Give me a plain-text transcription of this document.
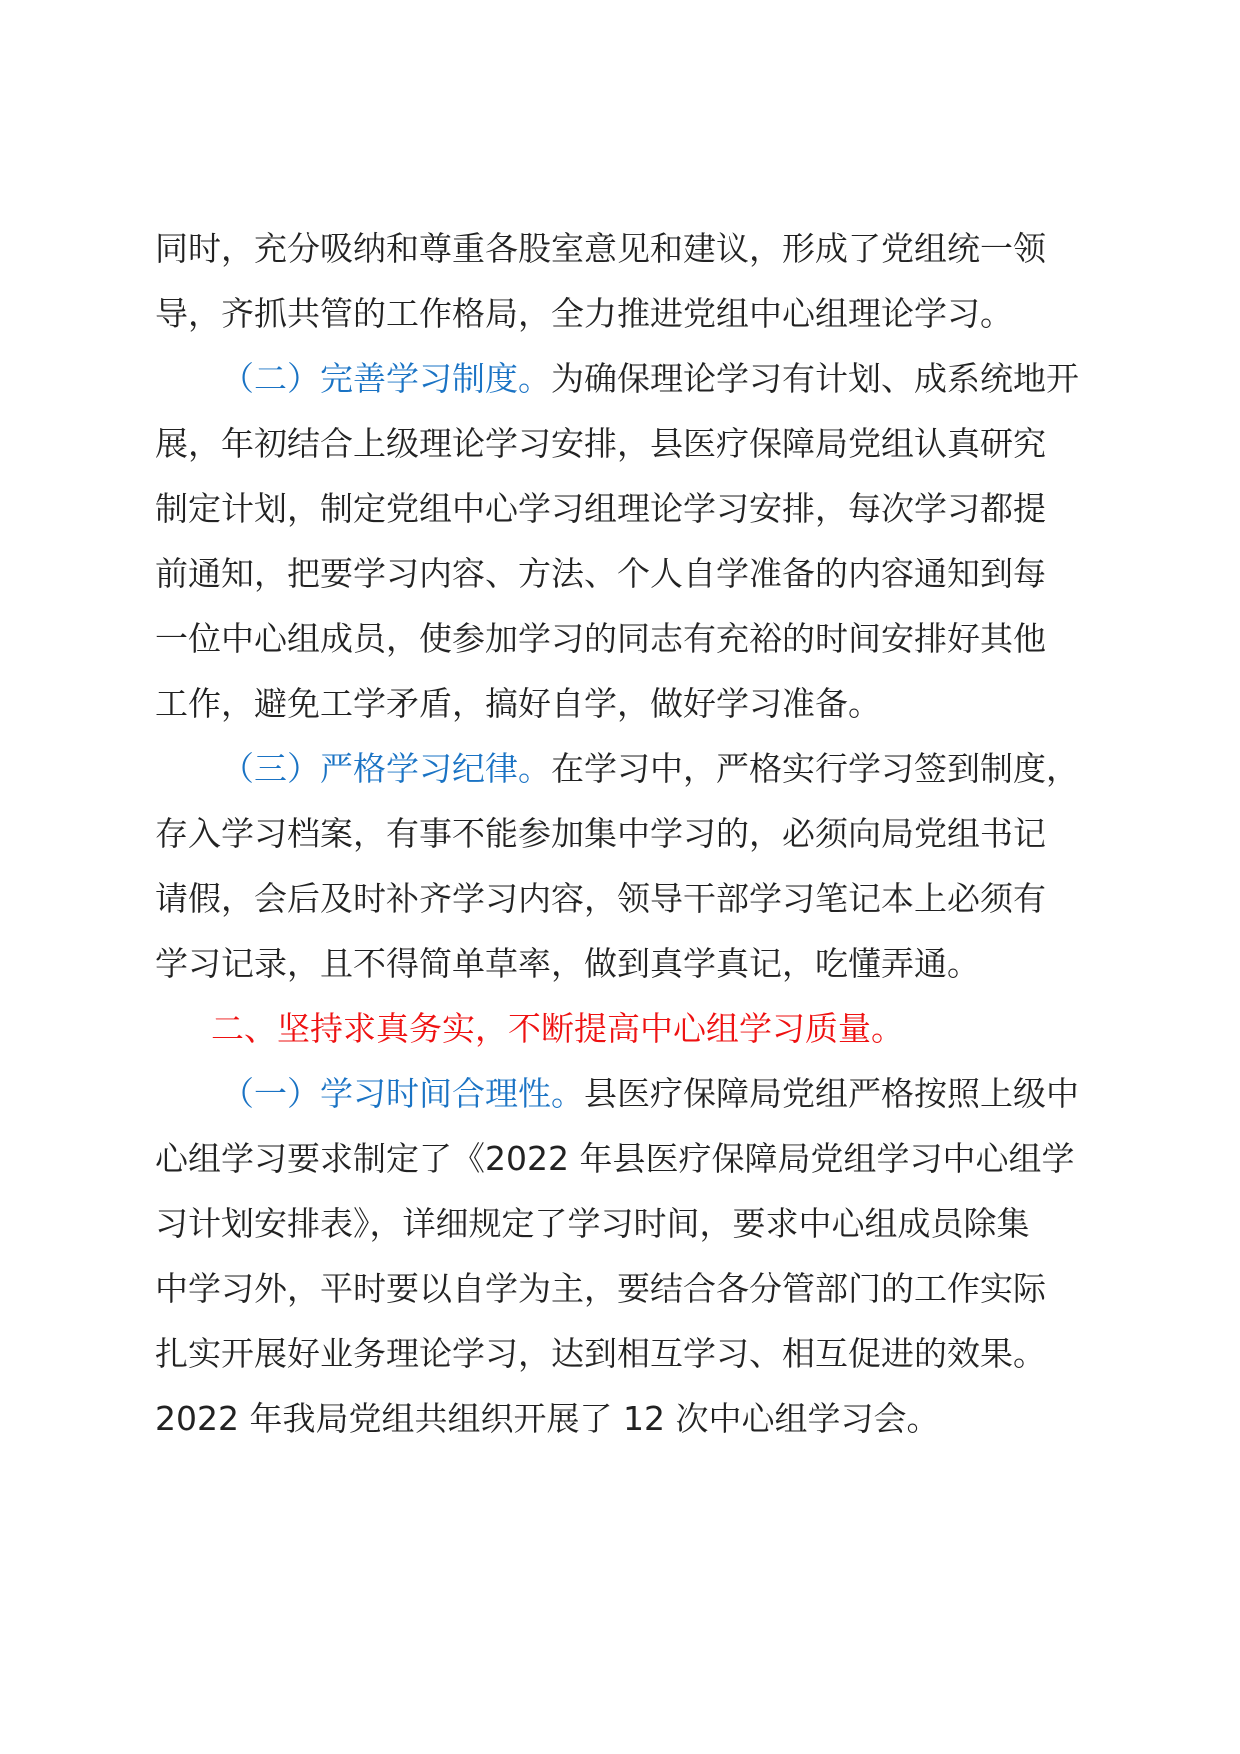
同时，充分吸纳和尊重各股室意见和建议，形成了党组统一领
导，齐抓共管的工作格局，全力推进党组中心组理论学习。

（二）完善学习制度。为确保理论学习有计划、成系统地开
展，年初结合上级理论学习安排，县医疗保障局党组认真研究
制定计划，制定党组中心学习组理论学习安排，每次学习都提
前通知，把要学习内容、方法、个人自学准备的内容通知到每
一位中心组成员，使参加学习的同志有充裕的时间安排好其他
工作，避免工学矛盾，搞好自学，做好学习准备。

（三）严格学习纪律。在学习中，严格实行学习签到制度，
存入学习档案，有事不能参加集中学习的，必须向局党组书记
请假，会后及时补齐学习内容，领导干部学习笔记本上必须有
学习记录，且不得简单草率，做到真学真记，吃懂弄通。

二、坚持求真务实，不断提高中心组学习质量。

（一）学习时间合理性。县医疗保障局党组严格按照上级中
心组学习要求制定了《2022 年县医疗保障局党组学习中心组学
习计划安排表》，详细规定了学习时间，要求中心组成员除集
中学习外，平时要以自学为主，要结合各分管部门的工作实际
扎实开展好业务理论学习，达到相互学习、相互促进的效果。
2022 年我局党组共组织开展了 12 次中心组学习会。
